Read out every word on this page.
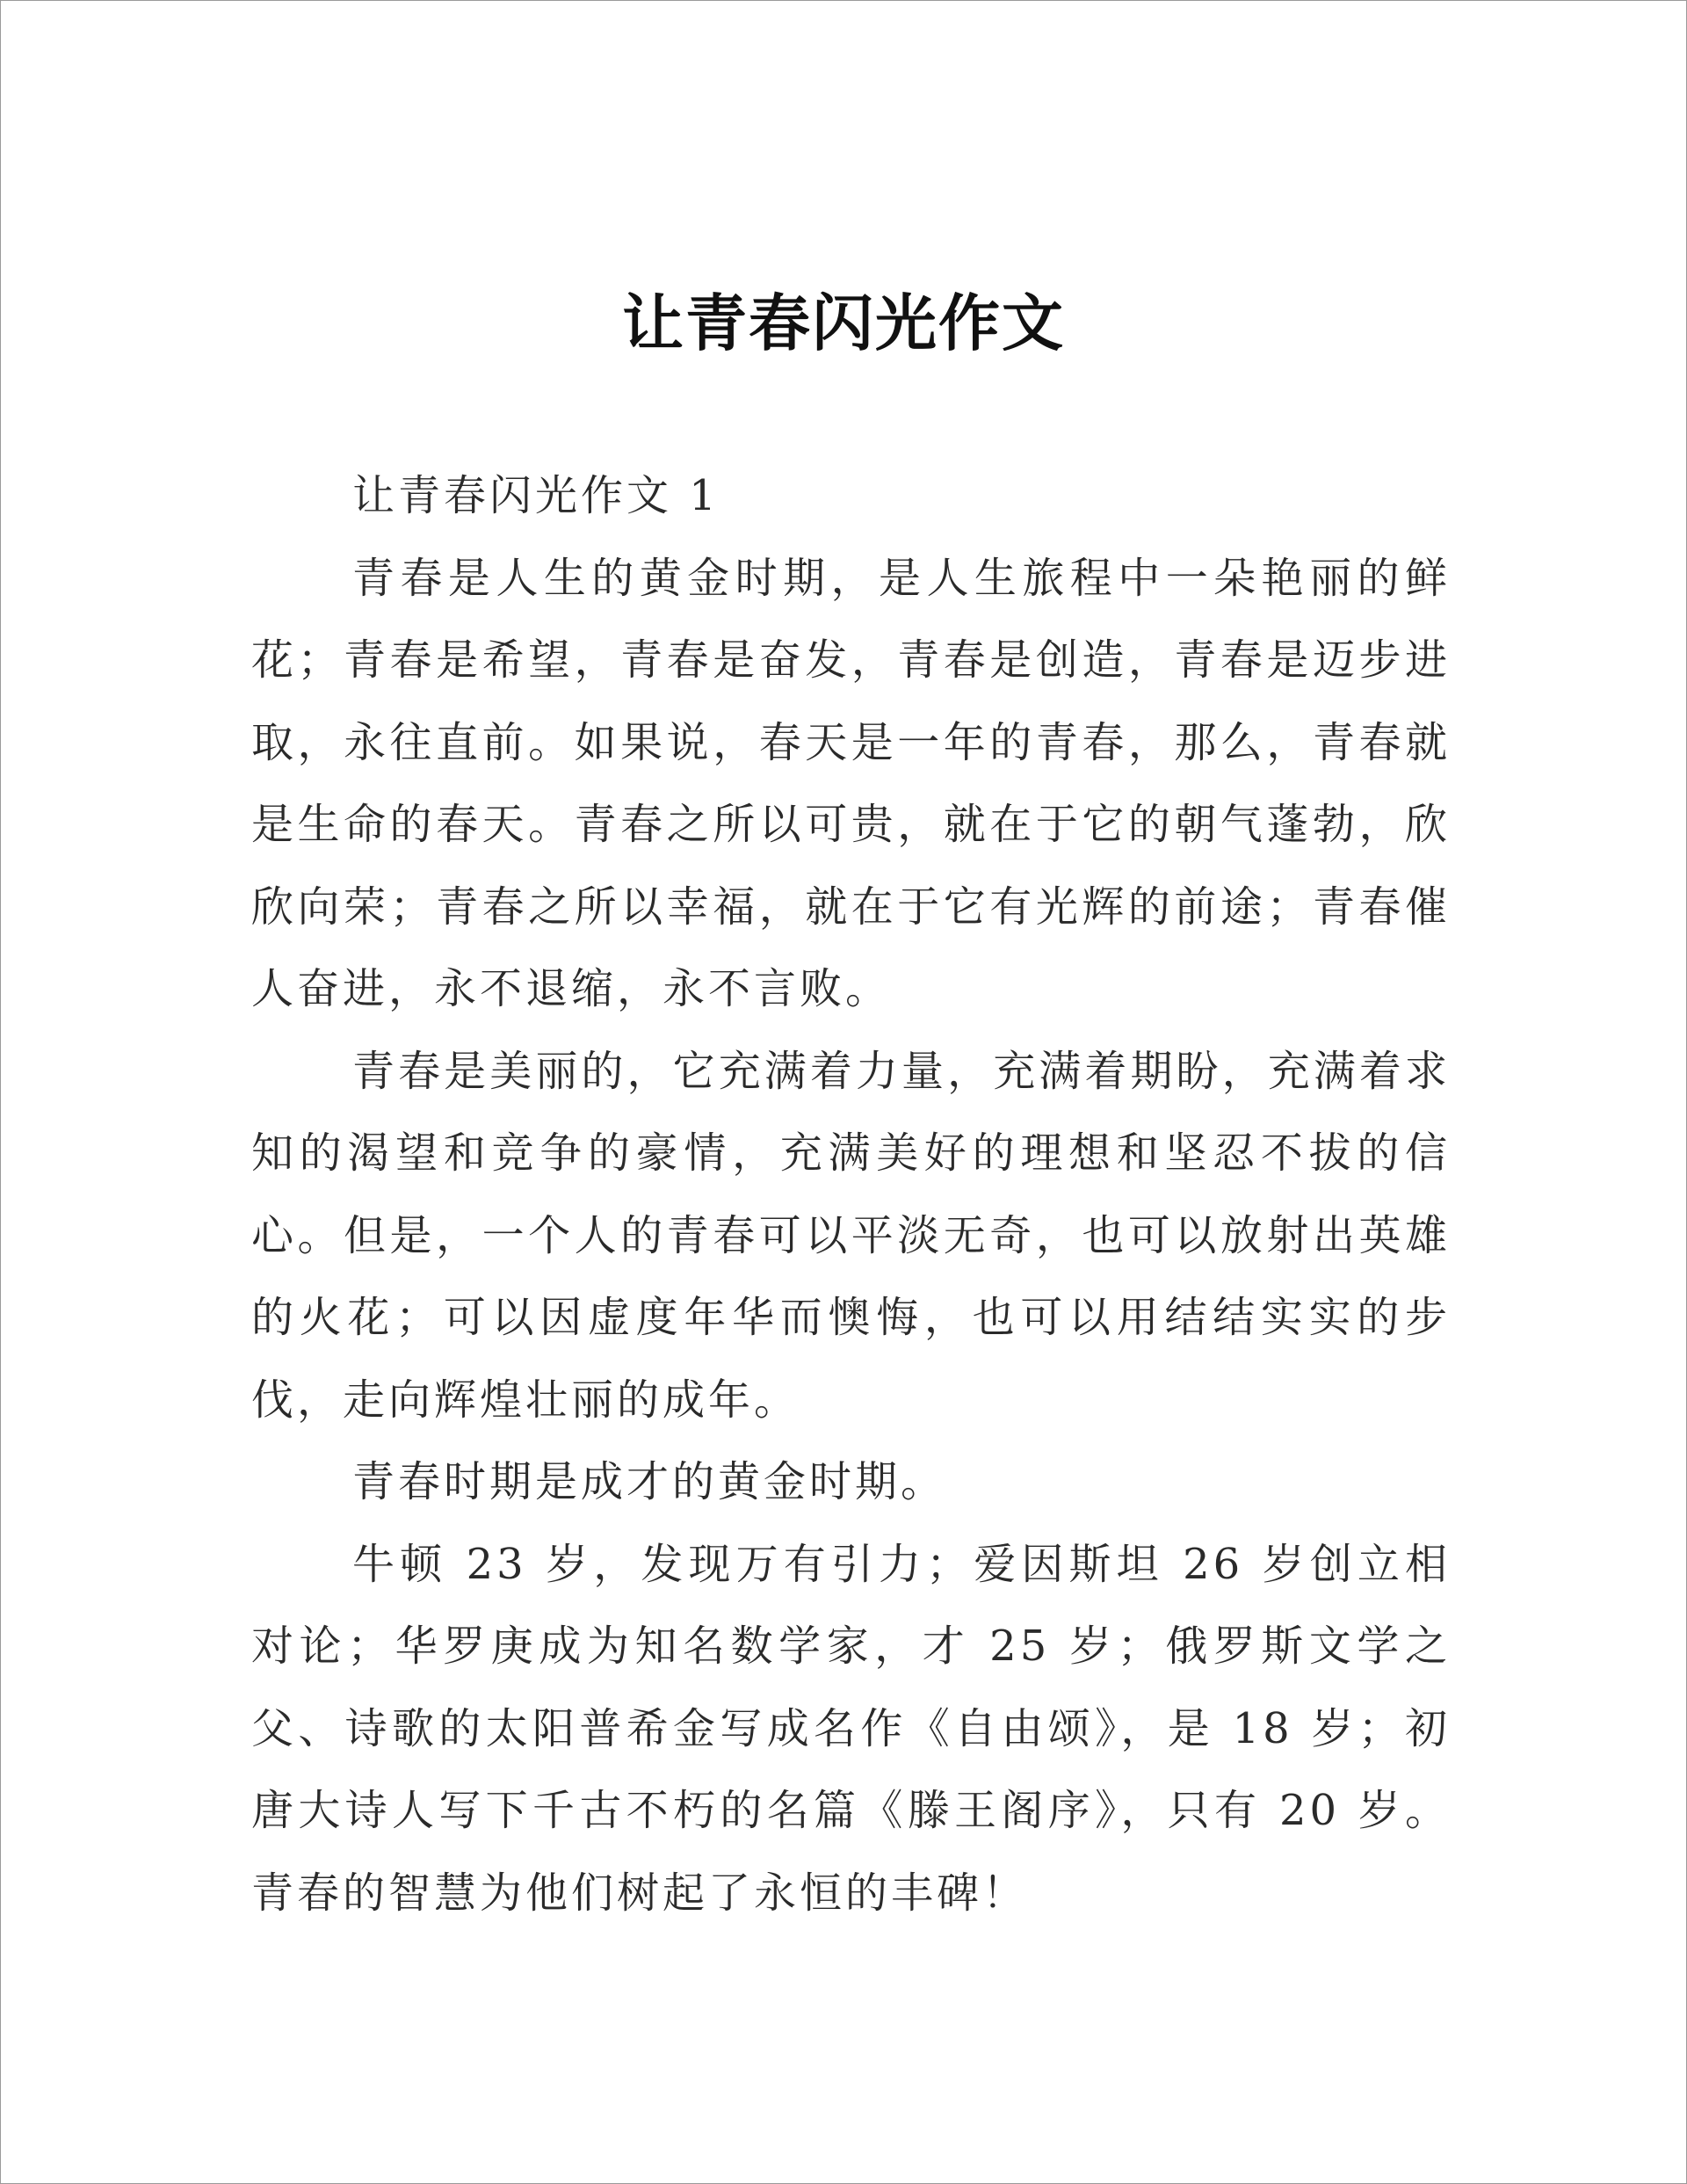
让青春闪光作文

让青春闪光作文 1

青春是人生的黄金时期，是人生旅程中一朵艳丽的鲜花；青春是希望，青春是奋发，青春是创造，青春是迈步进取，永往直前。如果说，春天是一年的青春，那么，青春就是生命的春天。青春之所以可贵，就在于它的朝气蓬勃，欣欣向荣；青春之所以幸福，就在于它有光辉的前途；青春催人奋进，永不退缩，永不言败。

青春是美丽的，它充满着力量，充满着期盼，充满着求知的渴望和竞争的豪情，充满美好的理想和坚忍不拔的信心。但是，一个人的青春可以平淡无奇，也可以放射出英雄的火花；可以因虚度年华而懊悔，也可以用结结实实的步伐，走向辉煌壮丽的成年。

青春时期是成才的黄金时期。

牛顿 23 岁，发现万有引力；爱因斯坦 26 岁创立相对论；华罗庚成为知名数学家，才 25 岁；俄罗斯文学之父、诗歌的太阳普希金写成名作《自由颂》，是 18 岁；初唐大诗人写下千古不朽的名篇《滕王阁序》，只有 20 岁。青春的智慧为他们树起了永恒的丰碑！
